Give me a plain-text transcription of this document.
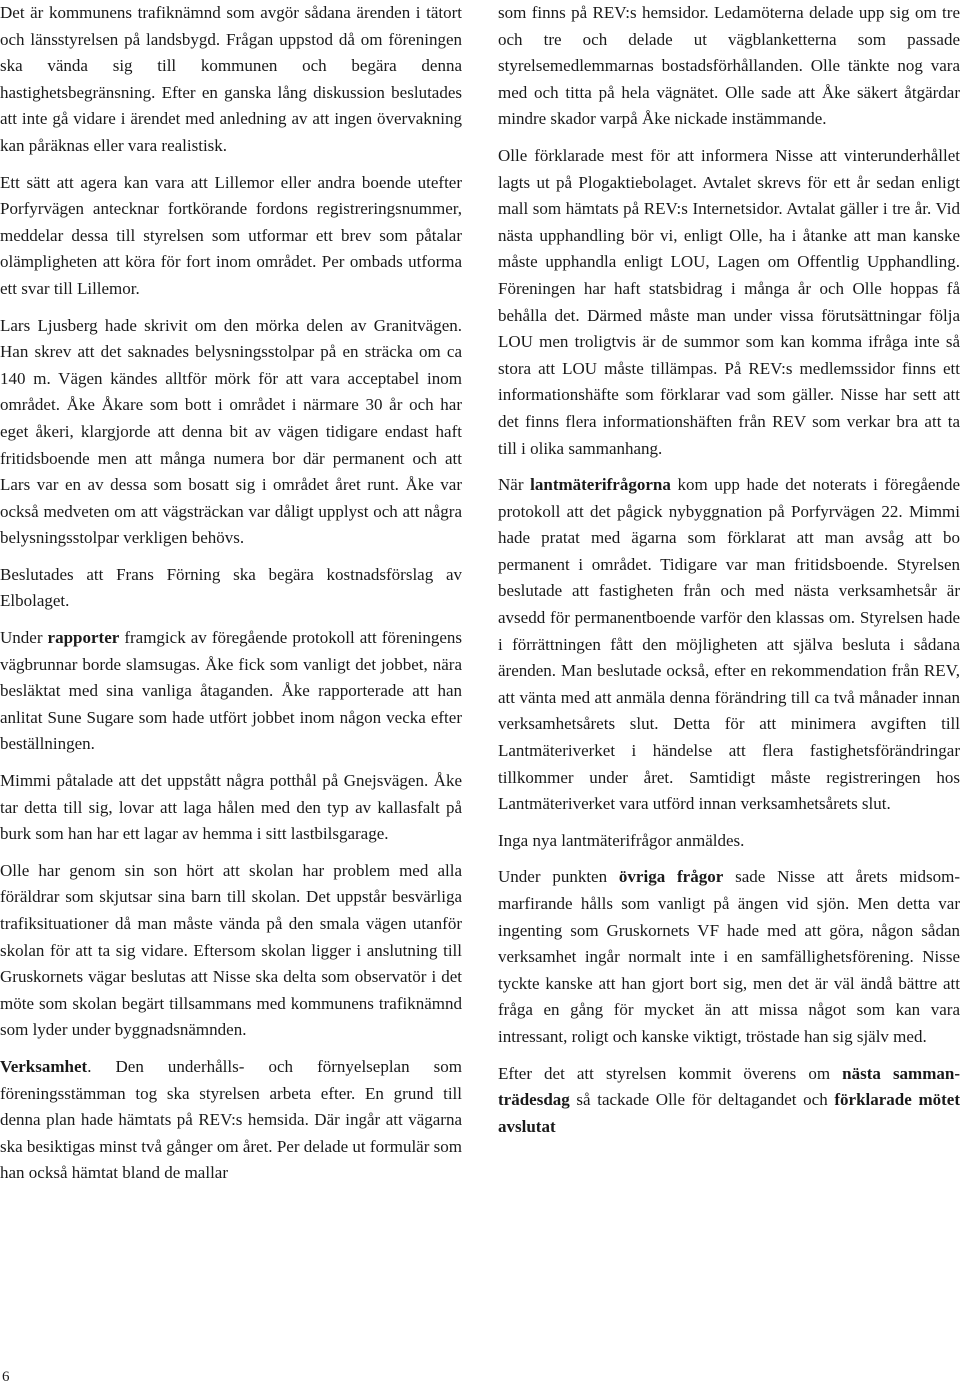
Det är kommunens trafiknämnd som avgör sådana ärenden i tätort och länsstyrelsen på landsbygd. Frågan uppstod då om föreningen ska vända sig till kommunen och begära denna hastighetsbegränsning. Efter en ganska lång diskussion beslutades att inte gå vidare i ärendet med anledning av att ingen övervakning kan påräknas eller vara realistisk.

Ett sätt att agera kan vara att Lillemor eller andra boende utefter Porfyrvägen antecknar fortkörande fordons registreringsnummer, meddelar dessa till styrelsen som utformar ett brev som påtalar olämpligheten att köra för fort inom området. Per ombads utforma ett svar till Lillemor.

Lars Ljusberg hade skrivit om den mörka delen av Granitvägen. Han skrev att det saknades belysningsstolpar på en sträcka om ca 140 m. Vägen kändes alltför mörk för att vara acceptabel inom området. Åke Åkare som bott i området i närmare 30 år och har eget åkeri, klargjorde att denna bit av vägen tidigare endast haft fritidsboende men att många numera bor där permanent och att Lars var en av dessa som bosatt sig i området året runt. Åke var också medveten om att vägsträckan var dåligt upplyst och att några belysningsstolpar verkligen behövs.

Beslutades att Frans Förning ska begära kostnadsförslag av Elbolaget.

Under rapporter framgick av föregående protokoll att föreningens vägbrunnar borde slamsugas. Åke fick som vanligt det jobbet, nära besläktat med sina vanliga åtaganden. Åke rapporterade att han anlitat Sune Sugare som hade utfört jobbet inom någon vecka efter beställningen.

Mimmi påtalade att det uppstått några potthål på Gnejsvägen. Åke tar detta till sig, lovar att laga hålen med den typ av kallasfalt på burk som han har ett lagar av hemma i sitt lastbilsgarage.

Olle har genom sin son hört att skolan har problem med alla föräldrar som skjutsar sina barn till skolan. Det uppstår besvärliga trafiksituationer då man måste vända på den smala vägen utanför skolan för att ta sig vidare. Eftersom skolan ligger i anslutning till Gruskornets vägar beslutas att Nisse ska delta som observatör i det möte som skolan begärt tillsammans med kommunens trafiknämnd som lyder under byggnadsnämnden.

Verksamhet. Den underhålls- och förnyelseplan som föreningsstämman tog ska styrelsen arbeta efter. En grund till denna plan hade hämtats på REV:s hemsida. Där ingår att vägarna ska besiktigas minst två gånger om året. Per delade ut formulär som han också hämtat bland de mallar

som finns på REV:s hemsidor. Ledamöterna delade upp sig om tre och tre och delade ut vägblanketterna som passade styrelsemedlemmarnas bostadsförhållanden. Olle tänkte nog vara med och titta på hela vägnätet. Olle sade att Åke säkert åtgärdar mindre skador varpå Åke nickade instämmande.

Olle förklarade mest för att informera Nisse att vinterunderhållet lagts ut på Plogaktiebolaget. Avtalet skrevs för ett år sedan enligt mall som hämtats på REV:s Internetsidor. Avtalat gäller i tre år. Vid nästa upphandling bör vi, enligt Olle, ha i åtanke att man kanske måste upphandla enligt LOU, Lagen om Offentlig Upphandling. Föreningen har haft statsbidrag i många år och Olle hoppas få behålla det. Därmed måste man under vissa förutsättningar följa LOU men troligtvis är de summor som kan komma ifråga inte så stora att LOU måste tillämpas. På REV:s medlemssidor finns ett informationshäfte som förklarar vad som gäller. Nisse har sett att det finns flera informationshäften från REV som verkar bra att ta till i olika sammanhang.

När lantmäterifrågorna kom upp hade det noterats i föregående protokoll att det pågick nybyggnation på Porfyrvägen 22. Mimmi hade pratat med ägarna som förklarat att man avsåg att bo permanent i området. Tidigare var man fritidsboende. Styrelsen beslutade att fastigheten från och med nästa verksamhetsår är avsedd för permanentboende varför den klassas om. Styrelsen hade i förrättningen fått den möjligheten att själva besluta i sådana ärenden. Man beslutade också, efter en rekommendation från REV, att vänta med att anmäla denna förändring till ca två månader innan verksamhetsårets slut. Detta för att minimera avgiften till Lantmäteriverket i händelse att flera fastighetsförändringar tillkommer under året. Samtidigt måste registreringen hos Lantmäteriverket vara utförd innan verksamhetsårets slut.

Inga nya lantmäterifrågor anmäldes.

Under punkten övriga frågor sade Nisse att årets midsommarfirande hålls som vanligt på ängen vid sjön. Men detta var ingenting som Gruskornets VF hade med att göra, någon sådan verksamhet ingår normalt inte i en samfällighetsförening. Nisse tyckte kanske att han gjort bort sig, men det är väl ändå bättre att fråga en gång för mycket än att missa något som kan vara intressant, roligt och kanske viktigt, tröstade han sig själv med.

Efter det att styrelsen kommit överens om nästa sammanträdesdag så tackade Olle för deltagandet och förklarade mötet avslutat

6
